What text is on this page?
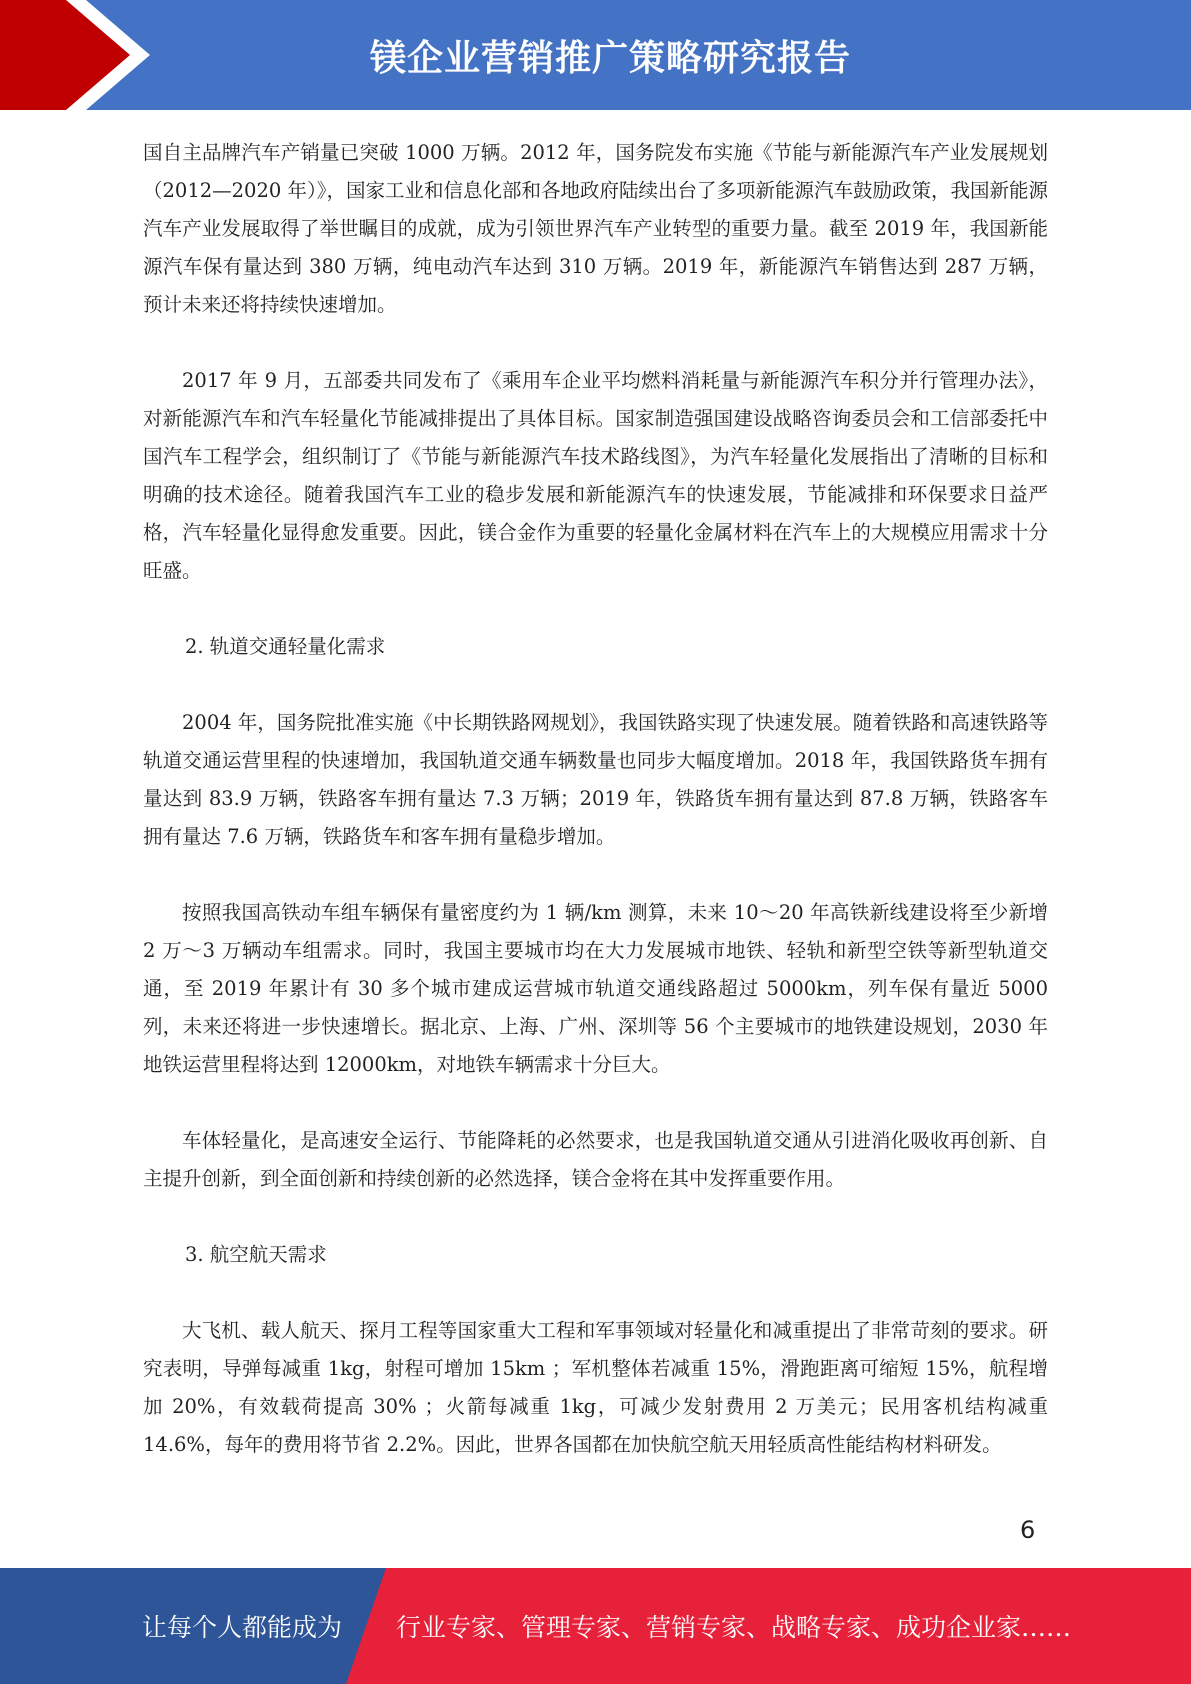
镁企业营销推广策略研究报告

国自主品牌汽车产销量已突破 1000 万辆。2012 年，国务院发布实施《节能与新能源汽车产业发展规划（2012—2020 年）》，国家工业和信息化部和各地政府陆续出台了多项新能源汽车鼓励政策，我国新能源汽车产业发展取得了举世瞩目的成就，成为引领世界汽车产业转型的重要力量。截至 2019 年，我国新能源汽车保有量达到 380 万辆，纯电动汽车达到 310 万辆。2019 年，新能源汽车销售达到 287 万辆，预计未来还将持续快速增加。

2017 年 9 月，五部委共同发布了《乘用车企业平均燃料消耗量与新能源汽车积分并行管理办法》，对新能源汽车和汽车轻量化节能减排提出了具体目标。国家制造强国建设战略咨询委员会和工信部委托中国汽车工程学会，组织制订了《节能与新能源汽车技术路线图》，为汽车轻量化发展指出了清晰的目标和明确的技术途径。随着我国汽车工业的稳步发展和新能源汽车的快速发展，节能减排和环保要求日益严格，汽车轻量化显得愈发重要。因此，镁合金作为重要的轻量化金属材料在汽车上的大规模应用需求十分旺盛。

2. 轨道交通轻量化需求

2004 年，国务院批准实施《中长期铁路网规划》，我国铁路实现了快速发展。随着铁路和高速铁路等轨道交通运营里程的快速增加，我国轨道交通车辆数量也同步大幅度增加。2018 年，我国铁路货车拥有量达到 83.9 万辆，铁路客车拥有量达 7.3 万辆；2019 年，铁路货车拥有量达到 87.8 万辆，铁路客车拥有量达 7.6 万辆，铁路货车和客车拥有量稳步增加。

按照我国高铁动车组车辆保有量密度约为 1 辆/km 测算，未来 10～20 年高铁新线建设将至少新增 2 万～3 万辆动车组需求。同时，我国主要城市均在大力发展城市地铁、轻轨和新型空铁等新型轨道交通，至 2019 年累计有 30 多个城市建成运营城市轨道交通线路超过 5000km，列车保有量近 5000 列，未来还将进一步快速增长。据北京、上海、广州、深圳等 56 个主要城市的地铁建设规划，2030 年地铁运营里程将达到 12000km，对地铁车辆需求十分巨大。

车体轻量化，是高速安全运行、节能降耗的必然要求，也是我国轨道交通从引进消化吸收再创新、自主提升创新，到全面创新和持续创新的必然选择，镁合金将在其中发挥重要作用。

3. 航空航天需求

大飞机、载人航天、探月工程等国家重大工程和军事领域对轻量化和减重提出了非常苛刻的要求。研究表明，导弹每减重 1kg，射程可增加 15km ；军机整体若减重 15%，滑跑距离可缩短 15%，航程增加 20%，有效载荷提高 30% ；火箭每减重 1kg，可减少发射费用 2 万美元；民用客机结构减重 14.6%，每年的费用将节省 2.2%。因此，世界各国都在加快航空航天用轻质高性能结构材料研发。

6
让每个人都能成为 行业专家、管理专家、营销专家、战略专家、成功企业家……
